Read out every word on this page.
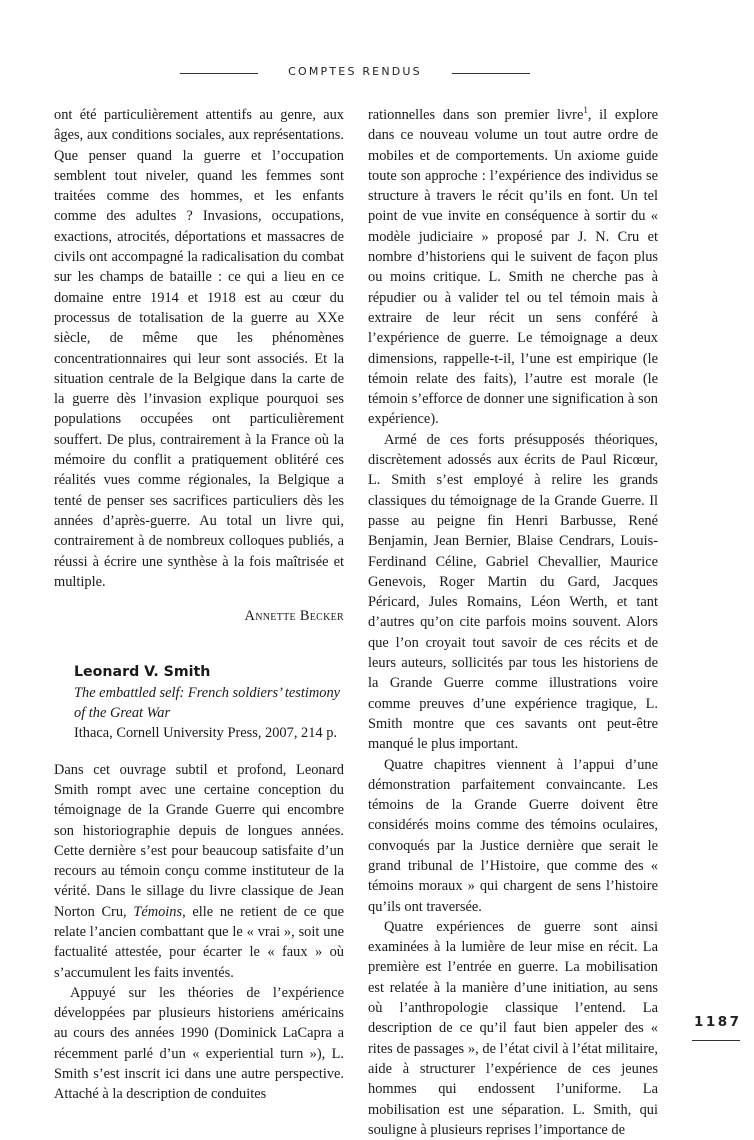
COMPTES RENDUS

ont été particulièrement attentifs au genre, aux âges, aux conditions sociales, aux représentations. Que penser quand la guerre et l’occupation semblent tout niveler, quand les femmes sont traitées comme des hommes, et les enfants comme des adultes ? Invasions, occupations, exactions, atrocités, déportations et massacres de civils ont accompagné la radicalisation du combat sur les champs de bataille : ce qui a lieu en ce domaine entre 1914 et 1918 est au cœur du processus de totalisation de la guerre au XXe siècle, de même que les phénomènes concentrationnaires qui leur sont associés. Et la situation centrale de la Belgique dans la carte de la guerre dès l’invasion explique pourquoi ses populations occupées ont particulièrement souffert. De plus, contrairement à la France où la mémoire du conflit a pratiquement oblitéré ces réalités vues comme régionales, la Belgique a tenté de penser ses sacrifices particuliers dès les années d’après-guerre. Au total un livre qui, contrairement à de nombreux colloques publiés, a réussi à écrire une synthèse à la fois maîtrisée et multiple.

Annette Becker
Leonard V. Smith
The embattled self: French soldiers’ testimony of the Great War
Ithaca, Cornell University Press, 2007, 214 p.

Dans cet ouvrage subtil et profond, Leonard Smith rompt avec une certaine conception du témoignage de la Grande Guerre qui encombre son historiographie depuis de longues années. Cette dernière s’est pour beaucoup satisfaite d’un recours au témoin conçu comme instituteur de la vérité. Dans le sillage du livre classique de Jean Norton Cru, Témoins, elle ne retient de ce que relate l’ancien combattant que le « vrai », soit une factualité attestée, pour écarter le « faux » où s’accumulent les faits inventés.

Appuyé sur les théories de l’expérience développées par plusieurs historiens américains au cours des années 1990 (Dominick LaCapra a récemment parlé d’un « experiential turn »), L. Smith s’est inscrit ici dans une autre perspective. Attaché à la description de conduites

rationnelles dans son premier livre$^1$, il explore dans ce nouveau volume un tout autre ordre de mobiles et de comportements. Un axiome guide toute son approche : l’expérience des individus se structure à travers le récit qu’ils en font. Un tel point de vue invite en conséquence à sortir du « modèle judiciaire » proposé par J. N. Cru et nombre d’historiens qui le suivent de façon plus ou moins critique. L. Smith ne cherche pas à répudier ou à valider tel ou tel témoin mais à extraire de leur récit un sens conféré à l’expérience de guerre. Le témoignage a deux dimensions, rappelle-t-il, l’une est empirique (le témoin relate des faits), l’autre est morale (le témoin s’efforce de donner une signification à son expérience).

Armé de ces forts présupposés théoriques, discrètement adossés aux écrits de Paul Ricœur, L. Smith s’est employé à relire les grands classiques du témoignage de la Grande Guerre. Il passe au peigne fin Henri Barbusse, René Benjamin, Jean Bernier, Blaise Cendrars, Louis-Ferdinand Céline, Gabriel Chevallier, Maurice Genevois, Roger Martin du Gard, Jacques Péricard, Jules Romains, Léon Werth, et tant d’autres qu’on cite parfois moins souvent. Alors que l’on croyait tout savoir de ces récits et de leurs auteurs, sollicités par tous les historiens de la Grande Guerre comme illustrations voire comme preuves d’une expérience tragique, L. Smith montre que ces savants ont peut-être manqué le plus important.

Quatre chapitres viennent à l’appui d’une démonstration parfaitement convaincante. Les témoins de la Grande Guerre doivent être considérés moins comme des témoins oculaires, convoqués par la Justice dernière que serait le grand tribunal de l’Histoire, que comme des « témoins moraux » qui chargent de sens l’histoire qu’ils ont traversée.

Quatre expériences de guerre sont ainsi examinées à la lumière de leur mise en récit. La première est l’entrée en guerre. La mobilisation est relatée à la manière d’une initiation, au sens où l’anthropologie classique l’entend. La description de ce qu’il faut bien appeler des « rites de passages », de l’état civil à l’état militaire, aide à structurer l’expérience de ces jeunes hommes qui endossent l’uniforme. La mobilisation est une séparation. L. Smith, qui souligne à plusieurs reprises l’importance de

1187
